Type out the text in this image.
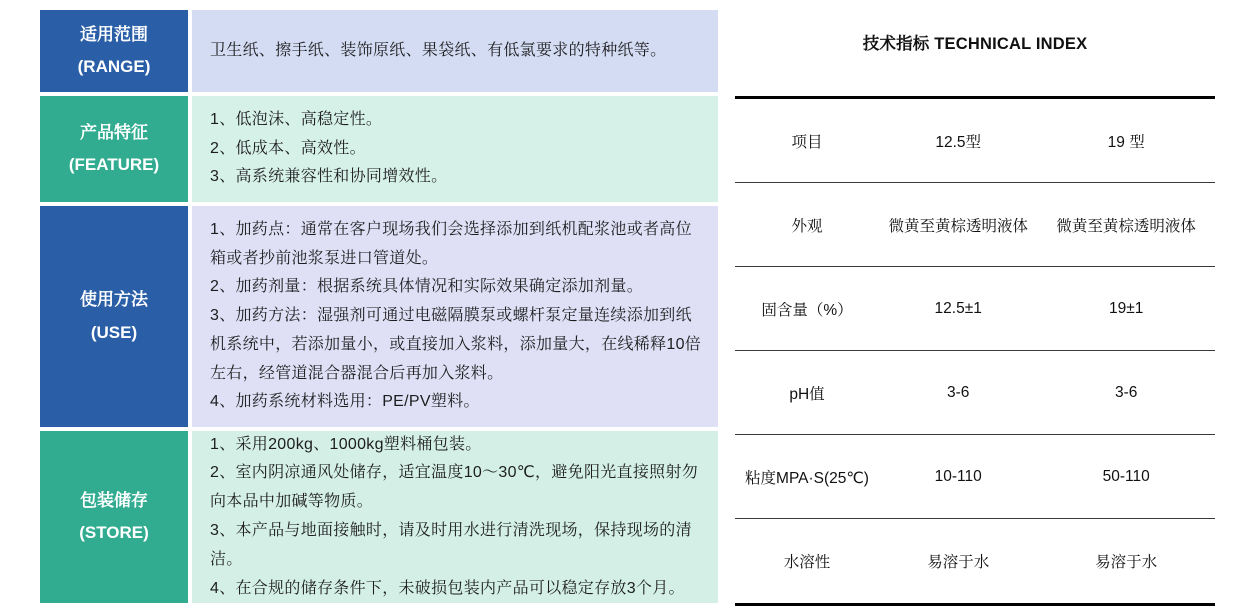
适用范围
(RANGE)
卫生纸、擦手纸、装饰原纸、果袋纸、有低氯要求的特种纸等。
产品特征
(FEATURE)
1、低泡沫、高稳定性。
2、低成本、高效性。
3、高系统兼容性和协同增效性。
使用方法
(USE)
1、加药点：通常在客户现场我们会选择添加到纸机配浆池或者高位箱或者抄前池浆泵进口管道处。
2、加药剂量：根据系统具体情况和实际效果确定添加剂量。
3、加药方法：湿强剂可通过电磁隔膜泵或螺杆泵定量连续添加到纸机系统中，若添加量小，或直接加入浆料，添加量大，在线稀释10倍左右，经管道混合器混合后再加入浆料。
4、加药系统材料选用：PE/PV塑料。
包装储存
(STORE)
1、采用200kg、1000kg塑料桶包装。
2、室内阴凉通风处储存，适宜温度10～30℃，避免阳光直接照射勿向本品中加碱等物质。
3、本产品与地面接触时，请及时用水进行清洗现场，保持现场的清洁。
4、在合规的储存条件下，未破损包装内产品可以稳定存放3个月。
技术指标 TECHNICAL INDEX
项目	12.5型	19 型
外观	微黄至黄棕透明液体	微黄至黄棕透明液体
固含量（%）	12.5±1	19±1
pH值	3-6	3-6
粘度MPA·S(25℃)	10-110	50-110
水溶性	易溶于水	易溶于水
